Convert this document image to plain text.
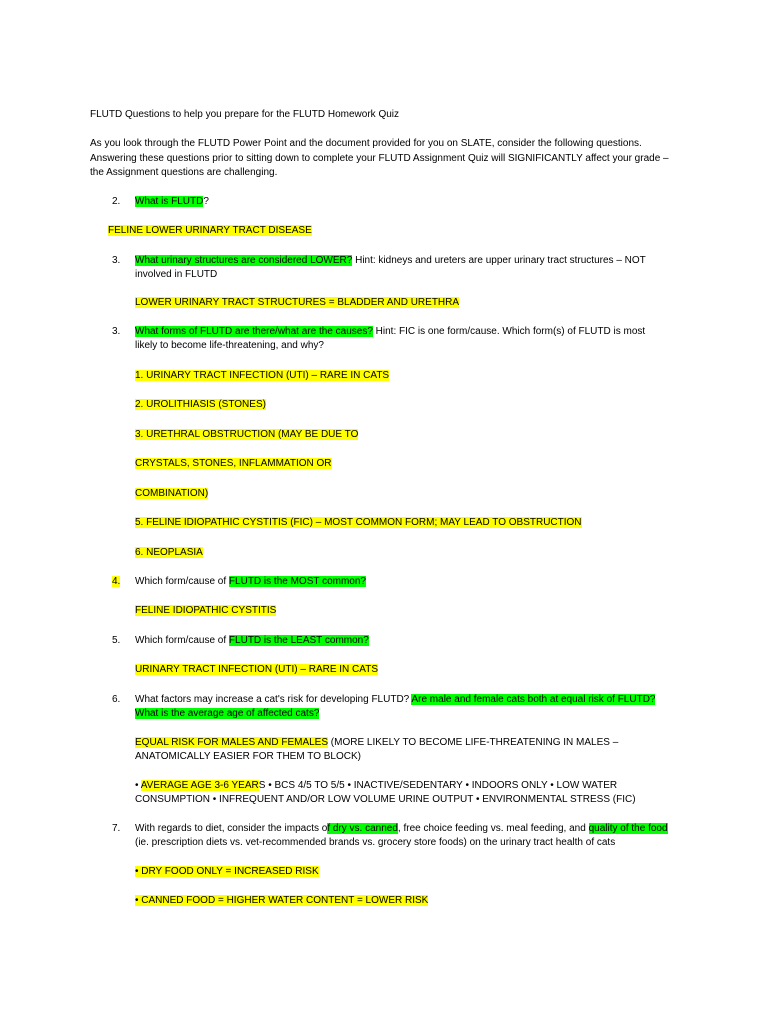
FLUTD Questions to help you prepare for the FLUTD Homework Quiz
As you look through the FLUTD Power Point and the document provided for you on SLATE, consider the following questions.
Answering these questions prior to sitting down to complete your FLUTD Assignment Quiz will SIGNIFICANTLY affect your grade –
the Assignment questions are challenging.
2. What is FLUTD?
FELINE LOWER URINARY TRACT DISEASE
3. What urinary structures are considered LOWER? Hint: kidneys and ureters are upper urinary tract structures – NOT
involved in FLUTD
LOWER URINARY TRACT STRUCTURES = BLADDER AND URETHRA
3. What forms of FLUTD are there/what are the causes? Hint: FIC is one form/cause. Which form(s) of FLUTD is most
likely to become life-threatening, and why?
1. URINARY TRACT INFECTION (UTI) – RARE IN CATS
2. UROLITHIASIS (STONES)
3. URETHRAL OBSTRUCTION (MAY BE DUE TO
CRYSTALS, STONES, INFLAMMATION OR
COMBINATION)
5. FELINE IDIOPATHIC CYSTITIS (FIC) – MOST COMMON FORM; MAY LEAD TO OBSTRUCTION
6. NEOPLASIA
4. Which form/cause of FLUTD is the MOST common?
FELINE IDIOPATHIC CYSTITIS
5. Which form/cause of FLUTD is the LEAST common?
URINARY TRACT INFECTION (UTI) – RARE IN CATS
6. What factors may increase a cat's risk for developing FLUTD? Are male and female cats both at equal risk of FLUTD?
What is the average age of affected cats?
EQUAL RISK FOR MALES AND FEMALES (MORE LIKELY TO BECOME LIFE-THREATENING IN MALES –
ANATOMICALLY EASIER FOR THEM TO BLOCK)
• AVERAGE AGE 3-6 YEARS • BCS 4/5 TO 5/5 • INACTIVE/SEDENTARY • INDOORS ONLY • LOW WATER
CONSUMPTION • INFREQUENT AND/OR LOW VOLUME URINE OUTPUT • ENVIRONMENTAL STRESS (FIC)
7. With regards to diet, consider the impacts of dry vs. canned, free choice feeding vs. meal feeding, and quality of the food
(ie. prescription diets vs. vet-recommended brands vs. grocery store foods) on the urinary tract health of cats
• DRY FOOD ONLY = INCREASED RISK
• CANNED FOOD = HIGHER WATER CONTENT = LOWER RISK
